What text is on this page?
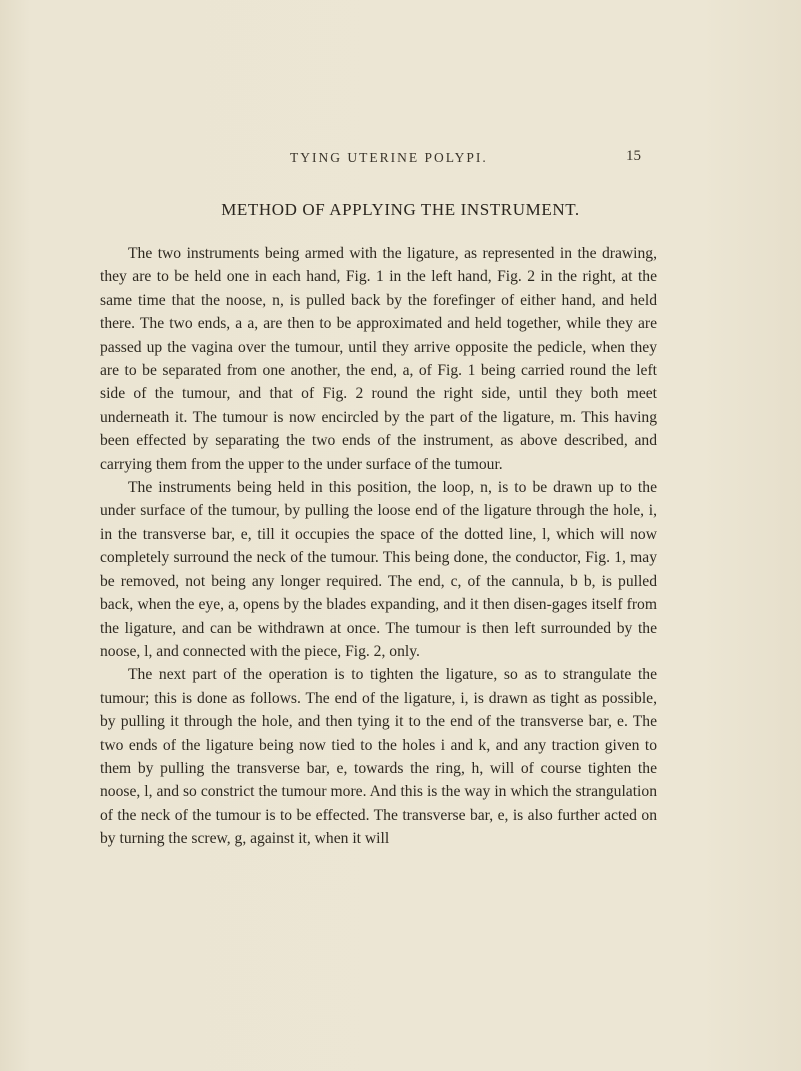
TYING UTERINE POLYPI.	15
METHOD OF APPLYING THE INSTRUMENT.

The two instruments being armed with the ligature, as represented in the drawing, they are to be held one in each hand, Fig. 1 in the left hand, Fig. 2 in the right, at the same time that the noose, n, is pulled back by the forefinger of either hand, and held there. The two ends, a a, are then to be approximated and held together, while they are passed up the vagina over the tumour, until they arrive opposite the pedicle, when they are to be separated from one another, the end, a, of Fig. 1 being carried round the left side of the tumour, and that of Fig. 2 round the right side, until they both meet underneath it. The tumour is now encircled by the part of the ligature, m. This having been effected by separating the two ends of the instrument, as above described, and carrying them from the upper to the under surface of the tumour.

The instruments being held in this position, the loop, n, is to be drawn up to the under surface of the tumour, by pulling the loose end of the ligature through the hole, i, in the transverse bar, e, till it occupies the space of the dotted line, l, which will now completely surround the neck of the tumour. This being done, the conductor, Fig. 1, may be removed, not being any longer required. The end, c, of the cannula, b b, is pulled back, when the eye, a, opens by the blades expanding, and it then disen-gages itself from the ligature, and can be withdrawn at once. The tumour is then left surrounded by the noose, l, and connected with the piece, Fig. 2, only.

The next part of the operation is to tighten the ligature, so as to strangulate the tumour; this is done as follows. The end of the ligature, i, is drawn as tight as possible, by pulling it through the hole, and then tying it to the end of the transverse bar, e. The two ends of the ligature being now tied to the holes i and k, and any traction given to them by pulling the transverse bar, e, towards the ring, h, will of course tighten the noose, l, and so constrict the tumour more. And this is the way in which the strangulation of the neck of the tumour is to be effected. The transverse bar, e, is also further acted on by turning the screw, g, against it, when it will
